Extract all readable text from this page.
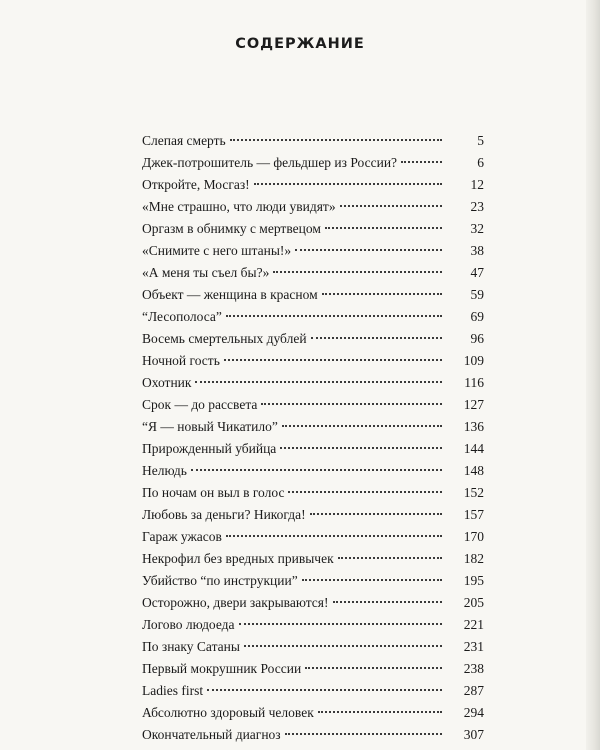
СОДЕРЖАНИЕ
Слепая смерть	5
Джек-потрошитель — фельдшер из России?	6
Откройте, Мосгаз!	12
«Мне страшно, что люди увидят»	23
Оргазм в обнимку с мертвецом	32
«Снимите с него штаны!»	38
«А меня ты съел бы?»	47
Объект — женщина в красном	59
“Лесополоса”	69
Восемь смертельных дублей	96
Ночной гость	109
Охотник	116
Срок — до рассвета	127
“Я — новый Чикатило”	136
Прирожденный убийца	144
Нелюдь	148
По ночам он выл в голос	152
Любовь за деньги? Никогда!	157
Гараж ужасов	170
Некрофил без вредных привычек	182
Убийство “по инструкции”	195
Осторожно, двери закрываются!	205
Логово людоеда	221
По знаку Сатаны	231
Первый мокрушник России	238
Ladies first	287
Абсолютно здоровый человек	294
Окончательный диагноз	307
